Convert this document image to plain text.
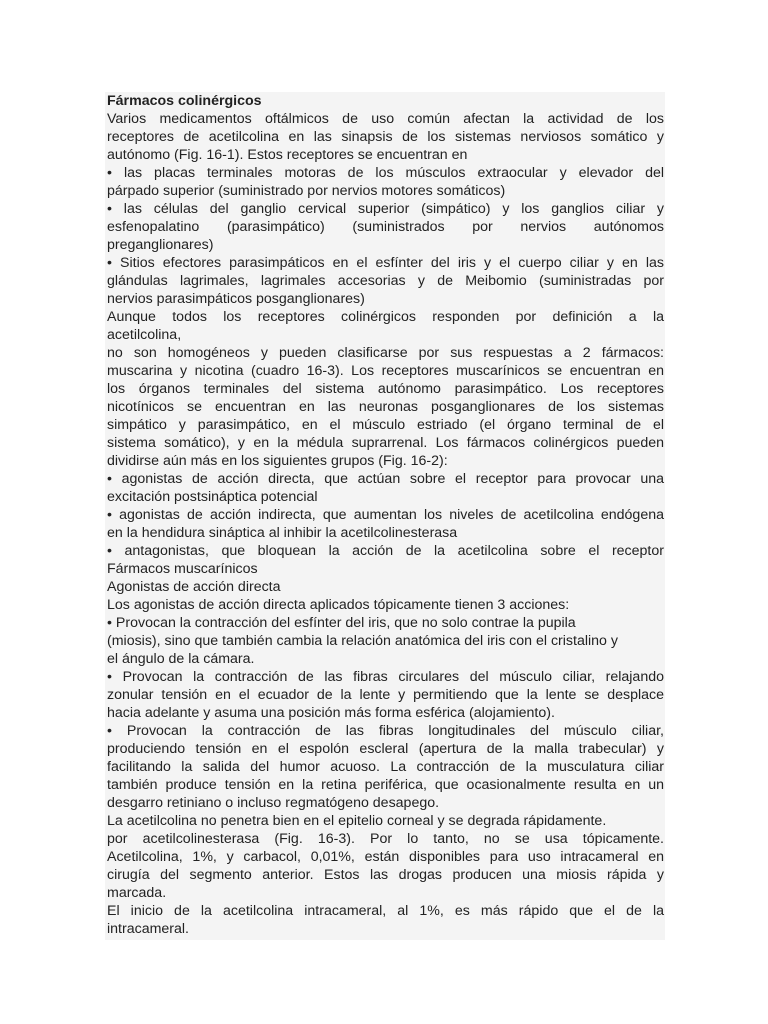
Fármacos colinérgicos
Varios medicamentos oftálmicos de uso común afectan la actividad de los
receptores de acetilcolina en las sinapsis de los sistemas nerviosos somático y
autónomo (Fig. 16-1). Estos receptores se encuentran en
• las placas terminales motoras de los músculos extraocular y elevador del
párpado superior (suministrado por nervios motores somáticos)
• las células del ganglio cervical superior (simpático) y los ganglios ciliar y
esfenopalatino (parasimpático) (suministrados por nervios autónomos
preganglionares)
• Sitios efectores parasimpáticos en el esfínter del iris y el cuerpo ciliar y en las
glándulas lagrimales, lagrimales accesorias y de Meibomio (suministradas por
nervios parasimpáticos posganglionares)
Aunque todos los receptores colinérgicos responden por definición a la
acetilcolina,
no son homogéneos y pueden clasificarse por sus respuestas a 2 fármacos:
muscarina y nicotina (cuadro 16-3). Los receptores muscarínicos se encuentran en
los órganos terminales del sistema autónomo parasimpático. Los receptores
nicotínicos se encuentran en las neuronas posganglionares de los sistemas
simpático y parasimpático, en el músculo estriado (el órgano terminal de el
sistema somático), y en la médula suprarrenal. Los fármacos colinérgicos pueden
dividirse aún más en los siguientes grupos (Fig. 16-2):
• agonistas de acción directa, que actúan sobre el receptor para provocar una
excitación postsináptica potencial
• agonistas de acción indirecta, que aumentan los niveles de acetilcolina endógena
en la hendidura sináptica al inhibir la acetilcolinesterasa
• antagonistas, que bloquean la acción de la acetilcolina sobre el receptor
Fármacos muscarínicos
Agonistas de acción directa
Los agonistas de acción directa aplicados tópicamente tienen 3 acciones:
• Provocan la contracción del esfínter del iris, que no solo contrae la pupila
(miosis), sino que también cambia la relación anatómica del iris con el cristalino y
el ángulo de la cámara.
• Provocan la contracción de las fibras circulares del músculo ciliar, relajando
zonular tensión en el ecuador de la lente y permitiendo que la lente se desplace
hacia adelante y asuma una posición más forma esférica (alojamiento).
• Provocan la contracción de las fibras longitudinales del músculo ciliar,
produciendo tensión en el espolón escleral (apertura de la malla trabecular) y
facilitando la salida del humor acuoso. La contracción de la musculatura ciliar
también produce tensión en la retina periférica, que ocasionalmente resulta en un
desgarro retiniano o incluso regmatógeno desapego.
La acetilcolina no penetra bien en el epitelio corneal y se degrada rápidamente.
por acetilcolinesterasa (Fig. 16-3). Por lo tanto, no se usa tópicamente.
Acetilcolina, 1%, y carbacol, 0,01%, están disponibles para uso intracameral en
cirugía del segmento anterior. Estos las drogas producen una miosis rápida y
marcada.
El inicio de la acetilcolina intracameral, al 1%, es más rápido que el de la
intracameral.
